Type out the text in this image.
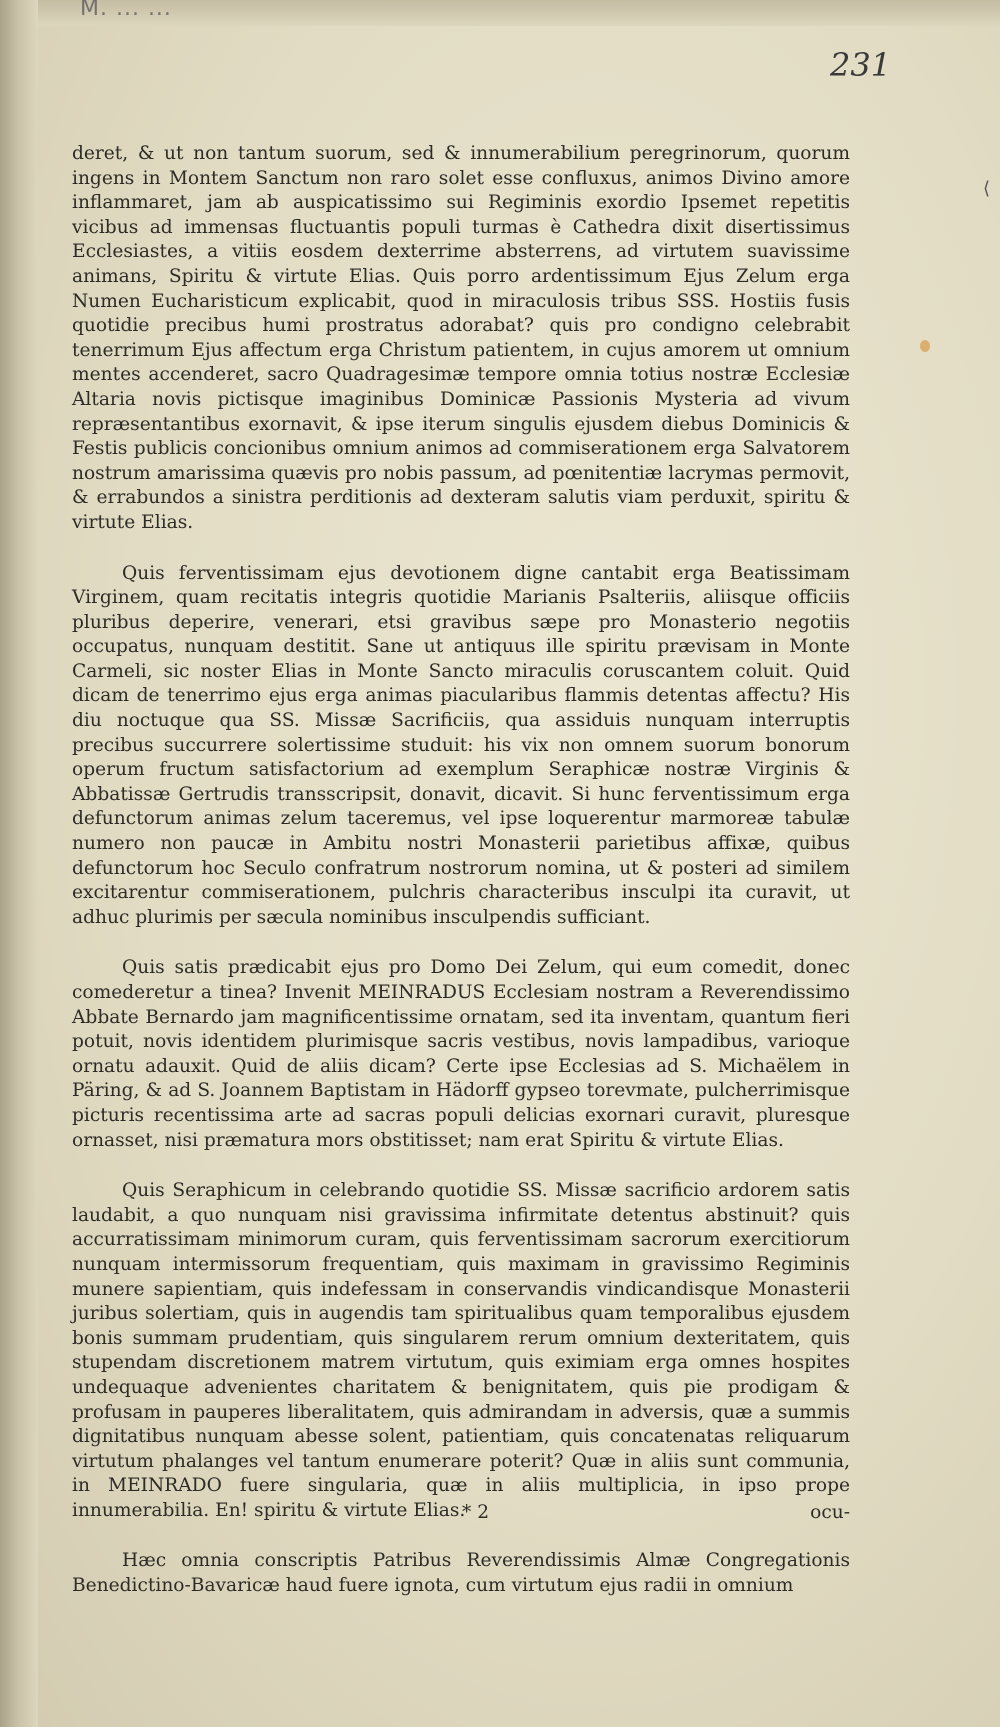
M. ... ...
231
⟨

deret, & ut non tantum suorum, sed & innumerabilium peregrinorum, quorum ingens in Montem Sanctum non raro solet esse confluxus, animos Divino amore inflammaret, jam ab auspicatissimo sui Regiminis exordio Ipsemet repetitis vicibus ad immensas fluctuantis populi turmas è Cathedra dixit disertissimus Ecclesiastes, a vitiis eosdem dexterrime absterrens, ad virtutem suavissime animans, Spiritu & virtute Elias. Quis porro ardentissimum Ejus Zelum erga Numen Eucharisticum explicabit, quod in miraculosis tribus SSS. Hostiis fusis quotidie precibus humi prostratus adorabat? quis pro condigno celebrabit tenerrimum Ejus affectum erga Christum patientem, in cujus amorem ut omnium mentes accenderet, sacro Quadragesimæ tempore omnia totius nostræ Ecclesiæ Altaria novis pictisque imaginibus Dominicæ Passionis Mysteria ad vivum repræsentantibus exornavit, & ipse iterum singulis ejusdem diebus Dominicis & Festis publicis concionibus omnium animos ad commiserationem erga Salvatorem nostrum amarissima quævis pro nobis passum, ad pœnitentiæ lacrymas permovit, & errabundos a sinistra perditionis ad dexteram salutis viam perduxit, spiritu & virtute Elias.

Quis ferventissimam ejus devotionem digne cantabit erga Beatissimam Virginem, quam recitatis integris quotidie Marianis Psalteriis, aliisque officiis pluribus deperire, venerari, etsi gravibus sæpe pro Monasterio negotiis occupatus, nunquam destitit. Sane ut antiquus ille spiritu prævisam in Monte Carmeli, sic noster Elias in Monte Sancto miraculis coruscantem coluit. Quid dicam de tenerrimo ejus erga animas piacularibus flammis detentas affectu? His diu noctuque qua SS. Missæ Sacrificiis, qua assiduis nunquam interruptis precibus succurrere solertissime studuit: his vix non omnem suorum bonorum operum fructum satisfactorium ad exemplum Seraphicæ nostræ Virginis & Abbatissæ Gertrudis transscripsit, donavit, dicavit. Si hunc ferventissimum erga defunctorum animas zelum taceremus, vel ipse loquerentur marmoreæ tabulæ numero non paucæ in Ambitu nostri Monasterii parietibus affixæ, quibus defunctorum hoc Seculo confratrum nostrorum nomina, ut & posteri ad similem excitarentur commiserationem, pulchris characteribus insculpi ita curavit, ut adhuc plurimis per sæcula nominibus insculpendis sufficiant.

Quis satis prædicabit ejus pro Domo Dei Zelum, qui eum comedit, donec comederetur a tinea? Invenit MEINRADUS Ecclesiam nostram a Reverendissimo Abbate Bernardo jam magnificentissime ornatam, sed ita inventam, quantum fieri potuit, novis identidem plurimisque sacris vestibus, novis lampadibus, varioque ornatu adauxit. Quid de aliis dicam? Certe ipse Ecclesias ad S. Michaëlem in Päring, & ad S. Joannem Baptistam in Hädorff gypseo torevmate, pulcherrimisque picturis recentissima arte ad sacras populi delicias exornari curavit, pluresque ornasset, nisi præmatura mors obstitisset; nam erat Spiritu & virtute Elias.

Quis Seraphicum in celebrando quotidie SS. Missæ sacrificio ardorem satis laudabit, a quo nunquam nisi gravissima infirmitate detentus abstinuit? quis accurratissimam minimorum curam, quis ferventissimam sacrorum exercitiorum nunquam intermissorum frequentiam, quis maximam in gravissimo Regiminis munere sapientiam, quis indefessam in conservandis vindicandisque Monasterii juribus solertiam, quis in augendis tam spiritualibus quam temporalibus ejusdem bonis summam prudentiam, quis singularem rerum omnium dexteritatem, quis stupendam discretionem matrem virtutum, quis eximiam erga omnes hospites undequaque advenientes charitatem & benignitatem, quis pie prodigam & profusam in pauperes liberalitatem, quis admirandam in adversis, quæ a summis dignitatibus nunquam abesse solent, patientiam, quis concatenatas reliquarum virtutum phalanges vel tantum enumerare poterit? Quæ in aliis sunt communia, in MEINRADO fuere singularia, quæ in aliis multiplicia, in ipso prope innumerabilia. En! spiritu & virtute Elias.

Hæc omnia conscriptis Patribus Reverendissimis Almæ Congregationis Benedictino-Bavaricæ haud fuere ignota, cum virtutum ejus radii in omnium

* 2	ocu-
